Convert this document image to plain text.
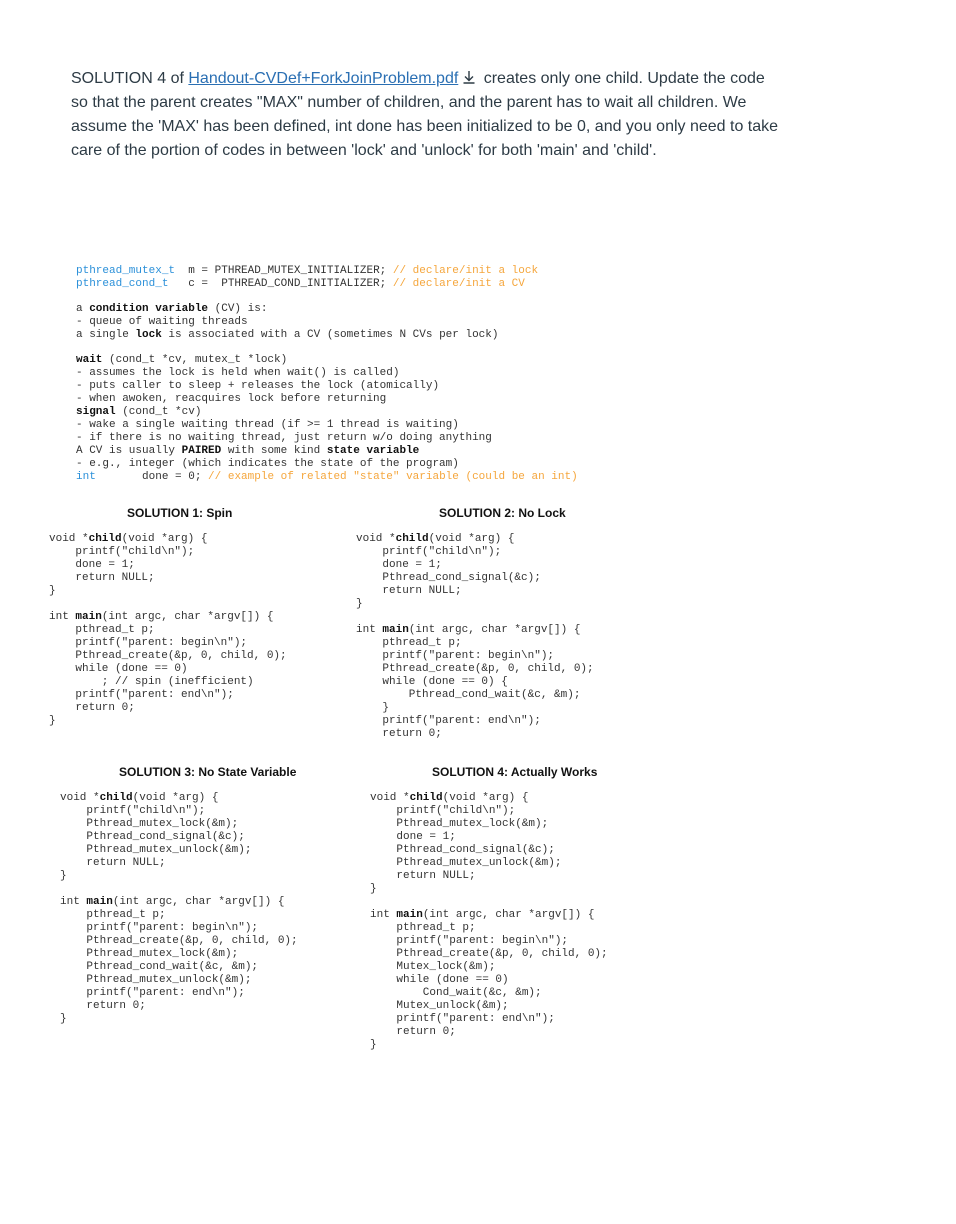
SOLUTION 4 of Handout-CVDef+ForkJoinProblem.pdf creates only one child. Update the code so that the parent creates "MAX" number of children, and the parent has to wait all children. We assume the 'MAX' has been defined, int done has been initialized to be 0, and you only need to take care of the portion of codes in between 'lock' and 'unlock' for both 'main' and 'child'.
pthread_mutex_t  m = PTHREAD_MUTEX_INITIALIZER; // declare/init a lock
pthread_cond_t   c =  PTHREAD_COND_INITIALIZER; // declare/init a CV
a condition variable (CV) is:
- queue of waiting threads
a single lock is associated with a CV (sometimes N CVs per lock)
wait (cond_t *cv, mutex_t *lock)
- assumes the lock is held when wait() is called)
- puts caller to sleep + releases the lock (atomically)
- when awoken, reacquires lock before returning
signal (cond_t *cv)
- wake a single waiting thread (if >= 1 thread is waiting)
- if there is no waiting thread, just return w/o doing anything
A CV is usually PAIRED with some kind state variable
- e.g., integer (which indicates the state of the program)
int       done = 0; // example of related "state" variable (could be an int)
SOLUTION 1: Spin
void *child(void *arg) {
printf("child\n");
done = 1;
return NULL;
}

int main(int argc, char *argv[]) {
pthread_t p;
printf("parent: begin\n");
Pthread_create(&p, 0, child, 0);
while (done == 0)
; // spin (inefficient)
printf("parent: end\n");
return 0;
}
SOLUTION 2: No Lock
void *child(void *arg) {
printf("child\n");
done = 1;
Pthread_cond_signal(&c);
return NULL;
}

int main(int argc, char *argv[]) {
pthread_t p;
printf("parent: begin\n");
Pthread_create(&p, 0, child, 0);
while (done == 0) {
Pthread_cond_wait(&c, &m);
}
printf("parent: end\n");
return 0;
SOLUTION 3: No State Variable
void *child(void *arg) {
printf("child\n");
Pthread_mutex_lock(&m);
Pthread_cond_signal(&c);
Pthread_mutex_unlock(&m);
return NULL;
}

int main(int argc, char *argv[]) {
pthread_t p;
printf("parent: begin\n");
Pthread_create(&p, 0, child, 0);
Pthread_mutex_lock(&m);
Pthread_cond_wait(&c, &m);
Pthread_mutex_unlock(&m);
printf("parent: end\n");
return 0;
}
SOLUTION 4: Actually Works
void *child(void *arg) {
printf("child\n");
Pthread_mutex_lock(&m);
done = 1;
Pthread_cond_signal(&c);
Pthread_mutex_unlock(&m);
return NULL;
}

int main(int argc, char *argv[]) {
pthread_t p;
printf("parent: begin\n");
Pthread_create(&p, 0, child, 0);
Mutex_lock(&m);
while (done == 0)
Cond_wait(&c, &m);
Mutex_unlock(&m);
printf("parent: end\n");
return 0;
}
